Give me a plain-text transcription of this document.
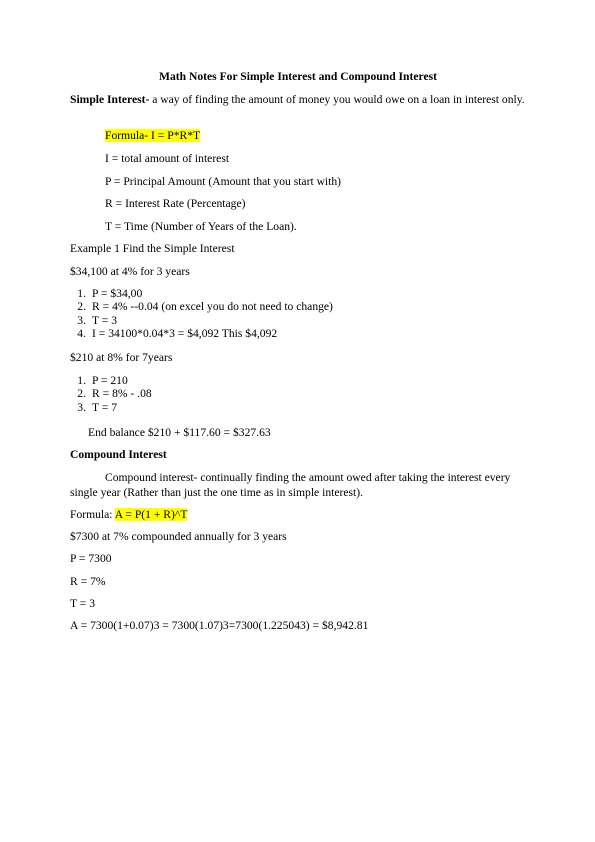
Math Notes For Simple Interest and Compound Interest
Simple Interest- a way of finding the amount of money you would owe on a loan in interest only.
Formula- I = P*R*T
I = total amount of interest
P = Principal Amount (Amount that you start with)
R = Interest Rate (Percentage)
T = Time (Number of Years of the Loan).
Example 1 Find the Simple Interest
$34,100 at 4% for 3 years
1. P = $34,00
2. R = 4% --0.04 (on excel you do not need to change)
3. T = 3
4. I = 34100*0.04*3 = $4,092 This $4,092
$210 at 8% for 7years
1. P = 210
2. R = 8% - .08
3. T = 7
End balance $210 + $117.60 = $327.63
Compound Interest
Compound interest- continually finding the amount owed after taking the interest every
single year (Rather than just the one time as in simple interest).
Formula: A = P(1 + R)^T
$7300 at 7% compounded annually for 3 years
P = 7300
R = 7%
T = 3
A = 7300(1+0.07)3 = 7300(1.07)3=7300(1.225043) = $8,942.81
